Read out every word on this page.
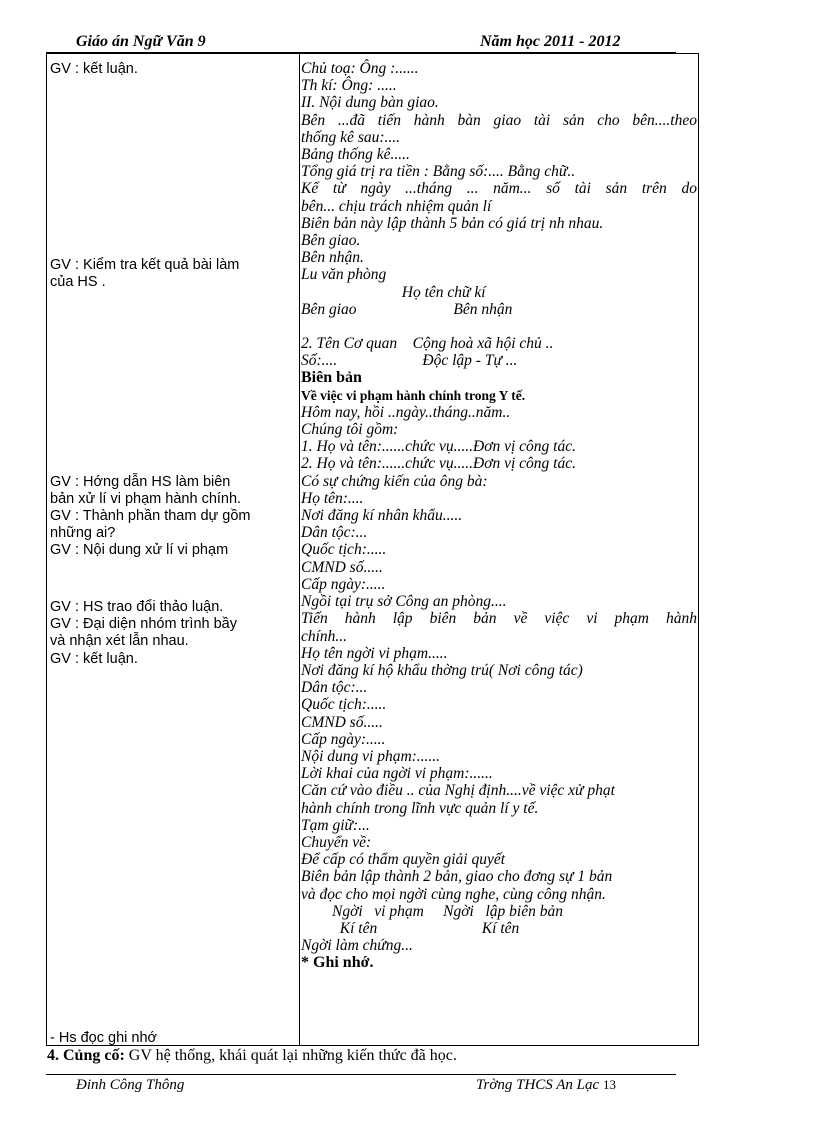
Giáo án Ngữ Văn 9	Năm học 2011 - 2012
GV : kết luận.
GV : Kiểm tra kết quả bài làm
của HS .
GV : Hớng dẫn HS làm biên
bản xử lí vi phạm hành chính.
GV : Thành phần tham dự gồm
những ai?
GV : Nội dung xử lí vi phạm
GV : HS trao đổi thảo luận.
GV : Đại diện nhóm trình bầy
và nhận xét lẫn nhau.
GV : kết luận.
- Hs đọc ghi nhớ

Chủ toạ: Ông :......

Th kí: Ông: .....

II. Nội dung bàn giao.

Bên ...đã tiến hành bàn giao tài sản cho bên....theo

thống kê sau:....

Bảng thống kê.....

Tổng giá trị ra tiền : Bằng số:.... Bằng chữ..

Kể từ ngày ...tháng ... năm... số tài sản trên do

bên... chịu trách nhiệm quản lí

Biên bản này lập thành 5 bản có giá trị nh nhau.

Bên giao.

Bên nhận.

Lu văn phòng

Họ tên chữ kí

Bên giao                         Bên nhận

2. Tên Cơ quan    Cộng hoà xã hội chủ ..

Số:....                      Độc lập - Tự ...

Biên bản

Về việc vi phạm hành chính trong Y tế.

Hôm nay, hồi ..ngày..tháng..năm..

Chúng tôi gồm:

1. Họ và tên:......chức vụ.....Đơn vị công tác.

2. Họ và tên:......chức vụ.....Đơn vị công tác.

Có sự chứng kiến của ông bà:

Họ tên:....

Nơi đăng kí nhân khẩu.....

Dân tộc:...

Quốc tịch:.....

CMND số.....

Cấp ngày:.....

Ngồi tại trụ sở Công an phòng....

Tiến hành lập biên bản về việc vi phạm hành

chính...

Họ tên ngời vi phạm.....

Nơi đăng kí hộ khẩu thờng trú( Nơi công tác)

Dân tộc:...

Quốc tịch:.....

CMND số.....

Cấp ngày:.....

Nội dung vi phạm:......

Lời khai của ngời vi phạm:......

Căn cứ vào điều .. của Nghị định....về việc xử phạt

hành chính trong lĩnh vực quản lí y tế.

Tạm giữ:...

Chuyển về:

Để cấp có thẩm quyền giải quyết

Biên bản lập thành 2 bản, giao cho đơng sự 1 bản

và đọc cho mọi ngời cùng nghe, cùng công nhận.

Ngời   vi phạm     Ngời   lập biên bản

Kí tên                           Kí tên

Ngời làm chứng...

* Ghi nhớ.

4. Củng cố: GV hệ thống, khái quát lại những kiến thức đã học.
Đinh Công Thông	Trờng THCS An Lạc 13
